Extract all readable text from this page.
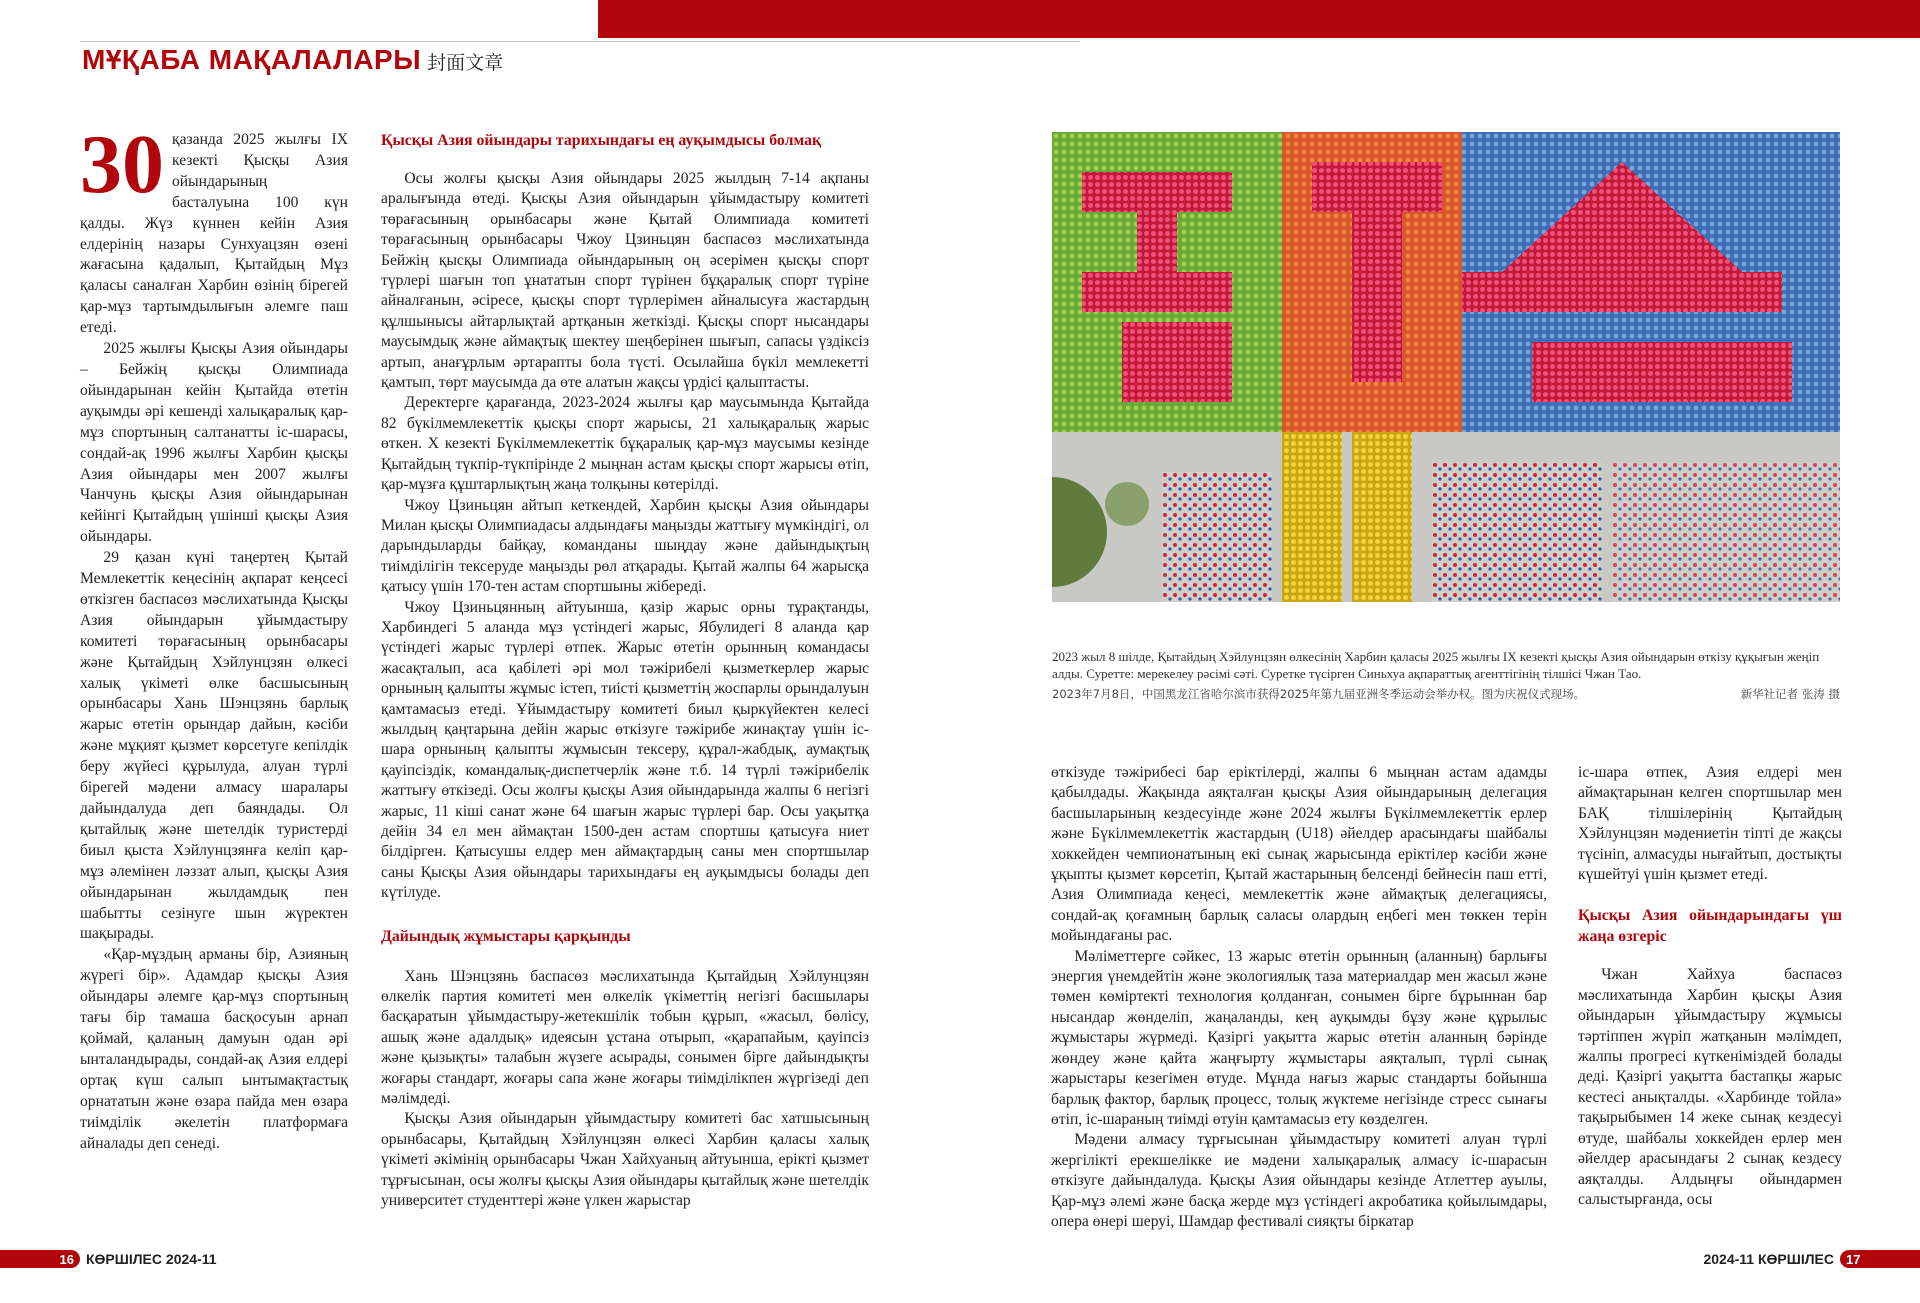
МҰҚАБА МАҚАЛАЛАРЫ 封面文章

30 қазанда 2025 жылғы IX кезекті Қысқы Азия ойындарының басталуына 100 күн қалды. Жүз күннен кейін Азия елдерінің назары Сунхуацзян өзені жағасына қадалып, Қытайдың Мұз қаласы саналған Харбин өзінің бірегей қар-мұз тартымдылығын әлемге паш етеді.

2025 жылғы Қысқы Азия ойындары – Бейжің қысқы Олимпиада ойындарынан кейін Қытайда өтетін ауқымды әрі кешенді халықаралық қар-мұз спортының салтанатты іс-шарасы, сондай-ақ 1996 жылғы Харбин қысқы Азия ойындары мен 2007 жылғы Чанчунь қысқы Азия ойындарынан кейінгі Қытайдың үшінші қысқы Азия ойындары.

29 қазан күні таңертең Қытай Мемлекеттік кеңесінің ақпарат кеңсесі өткізген баспасөз мәслихатында Қысқы Азия ойындарын ұйымдастыру комитеті төрағасының орынбасары және Қытайдың Хэйлунцзян өлкесі халық үкіметі өлке басшысының орынбасары Хань Шэнцзянь барлық жарыс өтетін орындар дайын, кәсіби және мұқият қызмет көрсетуге кепілдік беру жүйесі құрылуда, алуан түрлі бірегей мәдени алмасу шаралары дайындалуда деп баяндады. Ол қытайлық және шетелдік туристерді биыл қыста Хэйлунцзянға келіп қар-мұз әлемінен ләззат алып, қысқы Азия ойындарынан жылдамдық пен шабытты сезінуге шын жүректен шақырады.

«Қар-мұздың арманы бір, Азияның жүрегі бір». Адамдар қысқы Азия ойындары әлемге қар-мұз спортының тағы бір тамаша басқосуын арнап қоймай, қаланың дамуын одан әрі ынталандырады, сондай-ақ Азия елдері ортақ күш салып ынтымақтастық орнататын және өзара пайда мен өзара тиімділік әкелетін платформаға айналады деп сенеді.

Қысқы Азия ойындары тарихындағы ең ауқымдысы болмақ

Осы жолғы қысқы Азия ойындары 2025 жылдың 7-14 ақпаны аралығында өтеді. Қысқы Азия ойындарын ұйымдастыру комитеті төрағасының орынбасары және Қытай Олимпиада комитеті төрағасының орынбасары Чжоу Цзиньцян баспасөз мәслихатында Бейжің қысқы Олимпиада ойындарының оң әсерімен қысқы спорт түрлері шағын топ ұнататын спорт түрінен бұқаралық спорт түріне айналғанын, әсіресе, қысқы спорт түрлерімен айналысуға жастардың құлшынысы айтарлықтай артқанын жеткізді. Қысқы спорт нысандары маусымдық және аймақтық шектеу шеңберінен шығып, сапасы үздіксіз артып, анағұрлым әртарапты бола түсті. Осылайша бүкіл мемлекетті қамтып, төрт маусымда да өте алатын жақсы үрдісі қалыптасты.

Деректерге қарағанда, 2023-2024 жылғы қар маусымында Қытайда 82 бүкілмемлекеттік қысқы спорт жарысы, 21 халықаралық жарыс өткен. X кезекті Бүкілмемлекеттік бұқаралық қар-мұз маусымы кезінде Қытайдың түкпір-түкпірінде 2 мыңнан астам қысқы спорт жарысы өтіп, қар-мұзға құштарлықтың жаңа толқыны көтерілді.

Чжоу Цзиньцян айтып кеткендей, Харбин қысқы Азия ойындары Милан қысқы Олимпиадасы алдындағы маңызды жаттығу мүмкіндігі, ол дарындыларды байқау, команданы шыңдау және дайындықтың тиімділігін тексеруде маңызды рөл атқарады. Қытай жалпы 64 жарысқа қатысу үшін 170-тен астам спортшыны жібереді.

Чжоу Цзиньцянның айтуынша, қазір жарыс орны тұрақтанды, Харбиндегі 5 аланда мұз үстіндегі жарыс, Ябулидегі 8 аланда қар үстіндегі жарыс түрлері өтпек. Жарыс өтетін орынның командасы жасақталып, аса қабілеті әрі мол тәжірибелі қызметкерлер жарыс орнының қалыпты жұмыс істеп, тиісті қызметтің жоспарлы орындалуын қамтамасыз етеді. Ұйымдастыру комитеті биыл қыркүйектен келесі жылдың қаңтарына дейін жарыс өткізуге тәжірибе жинақтау үшін іс-шара орнының қалыпты жұмысын тексеру, құрал-жабдық, аумақтық қауіпсіздік, командалық-диспетчерлік және т.б. 14 түрлі тәжірибелік жаттығу өткізеді. Осы жолғы қысқы Азия ойындарында жалпы 6 негізгі жарыс, 11 кіші санат және 64 шағын жарыс түрлері бар. Осы уақытқа дейін 34 ел мен аймақтан 1500-ден астам спортшы қатысуға ниет білдірген. Қатысушы елдер мен аймақтардың саны мен спортшылар саны Қысқы Азия ойындары тарихындағы ең ауқымдысы болады деп күтілуде.

Дайындық жұмыстары қарқынды

Хань Шэнцзянь баспасөз мәслихатында Қытайдың Хэйлунцзян өлкелік партия комитеті мен өлкелік үкіметтің негізгі басшылары басқаратын ұйымдастыру-жетекшілік тобын құрып, «жасыл, бөлісу, ашық және адалдық» идеясын ұстана отырып, «қарапайым, қауіпсіз және қызықты» талабын жүзеге асырады, сонымен бірге дайындықты жоғары стандарт, жоғары сапа және жоғары тиімділікпен жүргізеді деп мәлімдеді.

Қысқы Азия ойындарын ұйымдастыру комитеті бас хатшысының орынбасары, Қытайдың Хэйлунцзян өлкесі Харбин қаласы халық үкіметі әкімінің орынбасары Чжан Хайхуаның айтуынша, ерікті қызмет тұрғысынан, осы жолғы қысқы Азия ойындары қытайлық және шетелдік университет студенттері және үлкен жарыстар

2023 жыл 8 шілде, Қытайдың Хэйлунцзян өлкесінің Харбин қаласы 2025 жылғы IX кезекті қысқы Азия ойындарын өткізу құқығын жеңіп алды. Суретте: мерекелеу рәсімі сәті. Суретке түсірген Синьхуа ақпараттық агенттігінің тілшісі Чжан Тао.
2023年7月8日，中国黑龙江省哈尔滨市获得2025年第九届亚洲冬季运动会举办权。图为庆祝仪式现场。	新华社记者 张涛 摄

өткізуде тәжірибесі бар еріктілерді, жалпы 6 мыңнан астам адамды қабылдады. Жақында аяқталған қысқы Азия ойындарының делегация басшыларының кездесуінде және 2024 жылғы Бүкілмемлекеттік ерлер және Бүкілмемлекеттік жастардың (U18) әйелдер арасындағы шайбалы хоккейден чемпионатының екі сынақ жарысында еріктілер кәсіби және ұқыпты қызмет көрсетіп, Қытай жастарының белсенді бейнесін паш етті, Азия Олимпиада кеңесі, мемлекеттік және аймақтық делегациясы, сондай-ақ қоғамның барлық саласы олардың еңбегі мен төккен терін мойындағаны рас.

Мәліметтерге сәйкес, 13 жарыс өтетін орынның (аланның) барлығы энергия үнемдейтін және экологиялық таза материалдар мен жасыл және төмен көміртекті технология қолданған, сонымен бірге бұрыннан бар нысандар жөнделіп, жаңаланды, кең ауқымды бұзу және құрылыс жұмыстары жүрмеді. Қазіргі уақытта жарыс өтетін аланның бәрінде жөндеу және қайта жаңғырту жұмыстары аяқталып, түрлі сынақ жарыстары кезегімен өтуде. Мұнда нағыз жарыс стандарты бойынша барлық фактор, барлық процесс, толық жүктеме негізінде стресс сынағы өтіп, іс-шараның тиімді өтуін қамтамасыз ету көзделген.

Мәдени алмасу тұрғысынан ұйымдастыру комитеті алуан түрлі жергілікті ерекшелікке ие мәдени халықаралық алмасу іс-шарасын өткізуге дайындалуда. Қысқы Азия ойындары кезінде Атлеттер ауылы, Қар-мұз әлемі және басқа жерде мұз үстіндегі акробатика қойылымдары, опера өнері шеруі, Шамдар фестивалі сияқты біркатар

іс-шара өтпек, Азия елдері мен аймақтарынан келген спортшылар мен БАҚ тілшілерінің Қытайдың Хэйлунцзян мәдениетін тіпті де жақсы түсініп, алмасуды нығайтып, достықты күшейтуі үшін қызмет етеді.

Қысқы Азия ойындарындағы үш жаңа өзгеріс

Чжан Хайхуа баспасөз мәслихатында Харбин қысқы Азия ойындарын ұйымдастыру жұмысы тәртіппен жүріп жатқанын мәлімдеп, жалпы прогресі күткеніміздей болады деді. Қазіргі уақытта бастапқы жарыс кестесі анықталды. «Харбинде тойла» тақырыбымен 14 жеке сынақ кездесуі өтуде, шайбалы хоккейден ерлер мен әйелдер арасындағы 2 сынақ кездесу аяқталды. Алдыңғы ойындармен салыстырғанда, осы

16 КӨРШІЛЕС
2024-11	2024-11
КӨРШІЛЕС 17
